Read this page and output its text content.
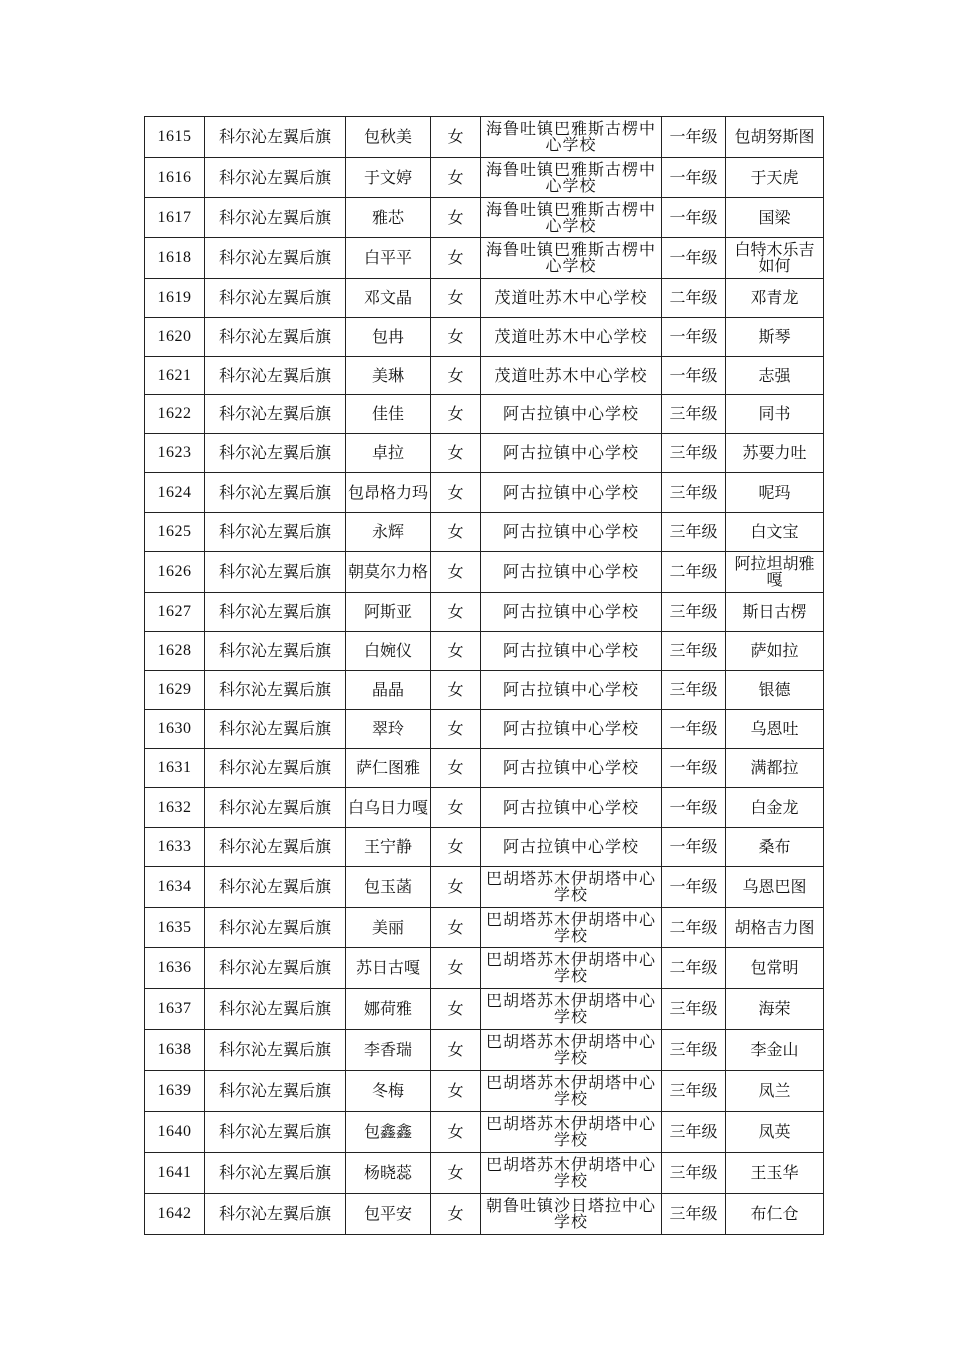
1615	科尔沁左翼后旗	包秋美	女	海鲁吐镇巴雅斯古楞中心学校	一年级	包胡努斯图
1616	科尔沁左翼后旗	于文婷	女	海鲁吐镇巴雅斯古楞中心学校	一年级	于天虎
1617	科尔沁左翼后旗	雅芯	女	海鲁吐镇巴雅斯古楞中心学校	一年级	国梁
1618	科尔沁左翼后旗	白平平	女	海鲁吐镇巴雅斯古楞中心学校	一年级	白特木乐吉如何
1619	科尔沁左翼后旗	邓文晶	女	茂道吐苏木中心学校	二年级	邓青龙
1620	科尔沁左翼后旗	包冉	女	茂道吐苏木中心学校	一年级	斯琴
1621	科尔沁左翼后旗	美琳	女	茂道吐苏木中心学校	一年级	志强
1622	科尔沁左翼后旗	佳佳	女	阿古拉镇中心学校	三年级	同书
1623	科尔沁左翼后旗	卓拉	女	阿古拉镇中心学校	三年级	苏要力吐
1624	科尔沁左翼后旗	包昂格力玛	女	阿古拉镇中心学校	三年级	呢玛
1625	科尔沁左翼后旗	永辉	女	阿古拉镇中心学校	三年级	白文宝
1626	科尔沁左翼后旗	朝莫尔力格	女	阿古拉镇中心学校	二年级	阿拉坦胡雅嘎
1627	科尔沁左翼后旗	阿斯亚	女	阿古拉镇中心学校	三年级	斯日古楞
1628	科尔沁左翼后旗	白婉仪	女	阿古拉镇中心学校	三年级	萨如拉
1629	科尔沁左翼后旗	晶晶	女	阿古拉镇中心学校	三年级	银德
1630	科尔沁左翼后旗	翠玲	女	阿古拉镇中心学校	一年级	乌恩吐
1631	科尔沁左翼后旗	萨仁图雅	女	阿古拉镇中心学校	一年级	满都拉
1632	科尔沁左翼后旗	白乌日力嘎	女	阿古拉镇中心学校	一年级	白金龙
1633	科尔沁左翼后旗	王宁静	女	阿古拉镇中心学校	一年级	桑布
1634	科尔沁左翼后旗	包玉菡	女	巴胡塔苏木伊胡塔中心学校	一年级	乌恩巴图
1635	科尔沁左翼后旗	美丽	女	巴胡塔苏木伊胡塔中心学校	二年级	胡格吉力图
1636	科尔沁左翼后旗	苏日古嘎	女	巴胡塔苏木伊胡塔中心学校	二年级	包常明
1637	科尔沁左翼后旗	娜荷雅	女	巴胡塔苏木伊胡塔中心学校	三年级	海荣
1638	科尔沁左翼后旗	李香瑞	女	巴胡塔苏木伊胡塔中心学校	三年级	李金山
1639	科尔沁左翼后旗	冬梅	女	巴胡塔苏木伊胡塔中心学校	三年级	凤兰
1640	科尔沁左翼后旗	包鑫鑫	女	巴胡塔苏木伊胡塔中心学校	三年级	凤英
1641	科尔沁左翼后旗	杨晓蕊	女	巴胡塔苏木伊胡塔中心学校	三年级	王玉华
1642	科尔沁左翼后旗	包平安	女	朝鲁吐镇沙日塔拉中心学校	三年级	布仁仓
